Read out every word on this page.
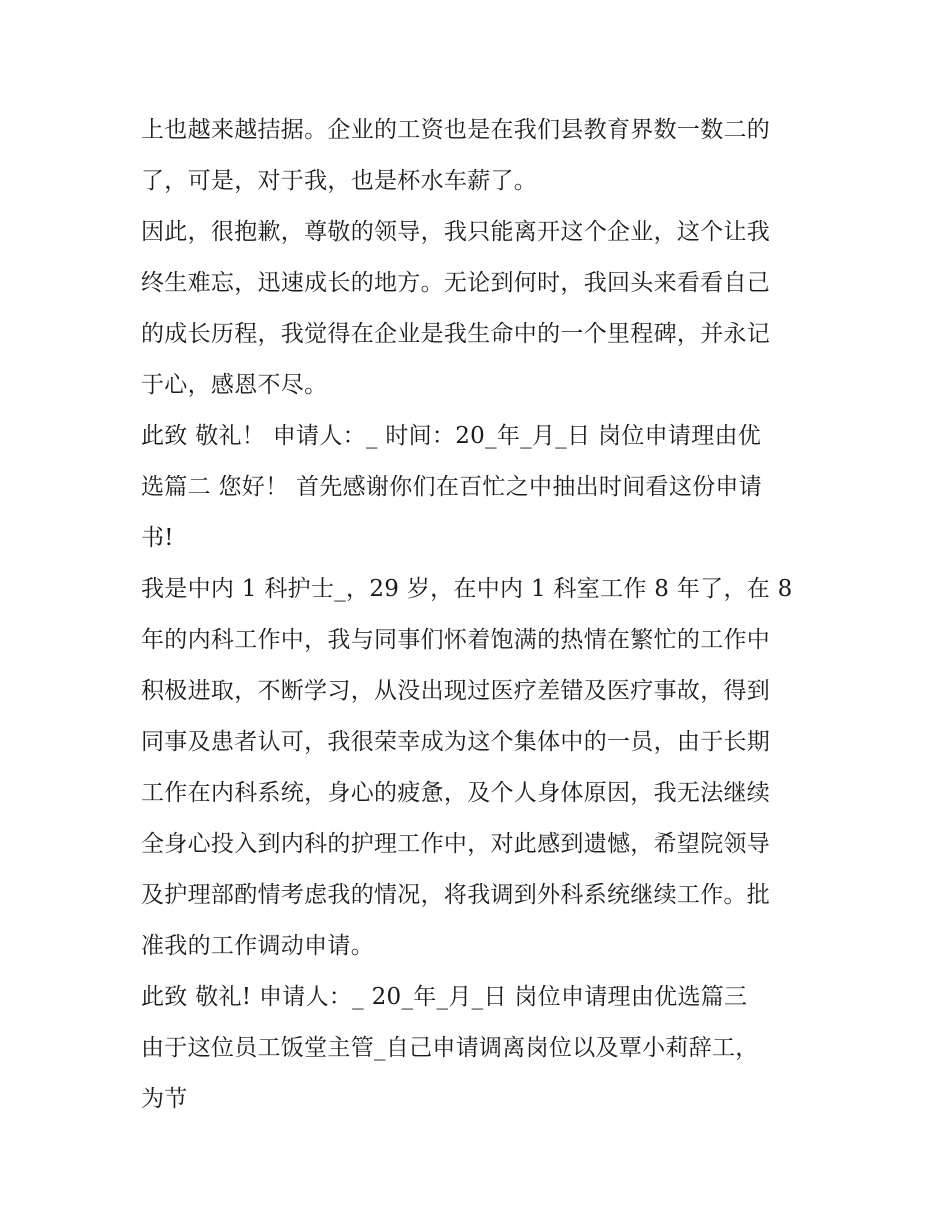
上也越来越拮据。企业的工资也是在我们县教育界数一数二的
了，可是，对于我，也是杯水车薪了。
因此，很抱歉，尊敬的领导，我只能离开这个企业，这个让我
终生难忘，迅速成长的地方。无论到何时，我回头来看看自己
的成长历程，我觉得在企业是我生命中的一个里程碑，并永记
于心，感恩不尽。
此致 敬礼！ 申请人：_ 时间：20_年_月_日 岗位申请理由优
选篇二 您好！ 首先感谢你们在百忙之中抽出时间看这份申请
书!
我是中内 1 科护士_，29 岁，在中内 1 科室工作 8 年了，在 8
年的内科工作中，我与同事们怀着饱满的热情在繁忙的工作中
积极进取，不断学习，从没出现过医疗差错及医疗事故，得到
同事及患者认可，我很荣幸成为这个集体中的一员，由于长期
工作在内科系统，身心的疲惫，及个人身体原因，我无法继续
全身心投入到内科的护理工作中，对此感到遗憾，希望院领导
及护理部酌情考虑我的情况，将我调到外科系统继续工作。批
准我的工作调动申请。
此致 敬礼! 申请人：_ 20_年_月_日 岗位申请理由优选篇三
由于这位员工饭堂主管_自己申请调离岗位以及覃小莉辞工，
为节
